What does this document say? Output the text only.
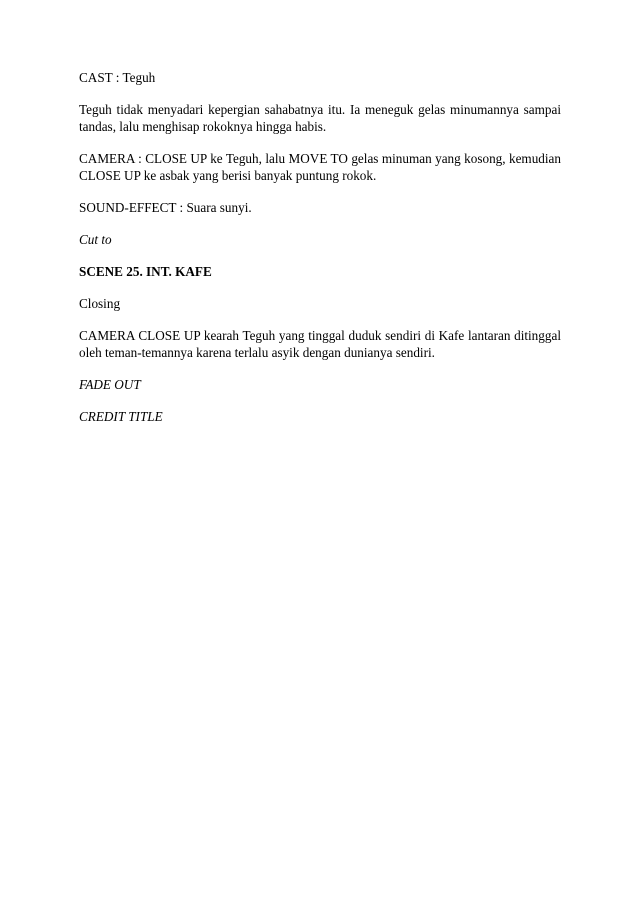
CAST : Teguh

Teguh tidak menyadari kepergian sahabatnya itu. Ia meneguk gelas minumannya sampai tandas, lalu menghisap rokoknya hingga habis.

CAMERA : CLOSE UP ke Teguh, lalu MOVE TO gelas minuman yang kosong, kemudian CLOSE UP ke asbak yang berisi banyak puntung rokok.

SOUND-EFFECT : Suara sunyi.

Cut to

SCENE 25. INT. KAFE

Closing

CAMERA CLOSE UP kearah Teguh yang tinggal duduk sendiri di Kafe lantaran ditinggal oleh teman-temannya karena terlalu asyik dengan dunianya sendiri.

FADE OUT

CREDIT TITLE
